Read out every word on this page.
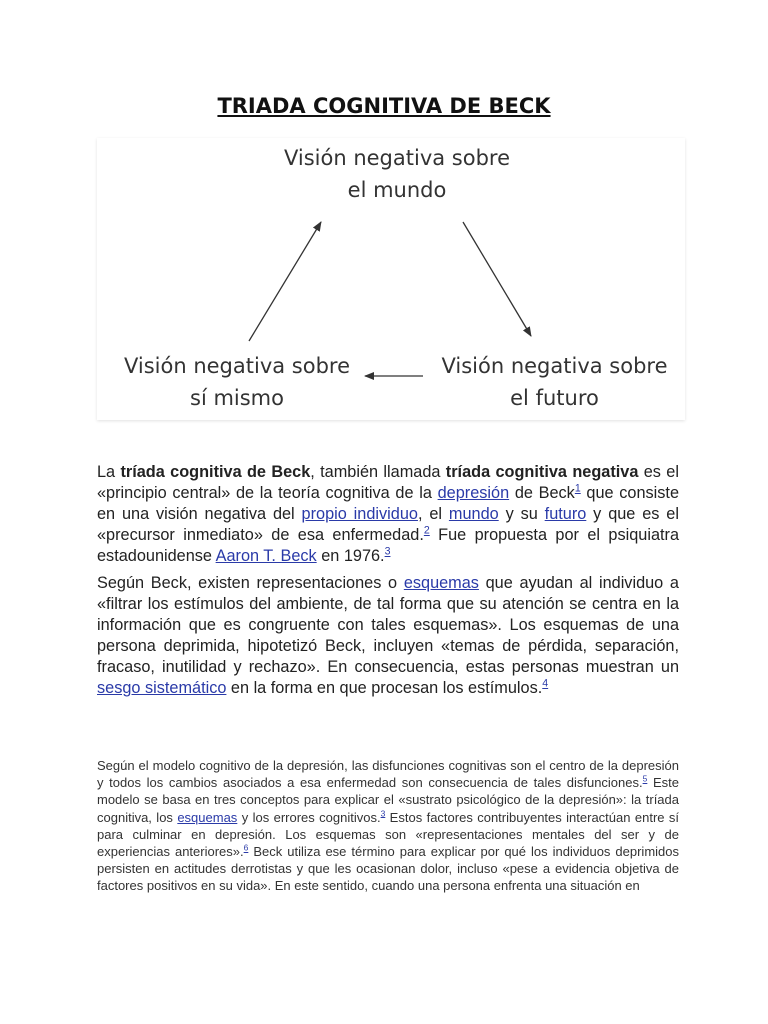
TRIADA COGNITIVA DE BECK
Visión negativa sobre
el mundo
Visión negativa sobre
sí mismo
Visión negativa sobre
el futuro

La tríada cognitiva de Beck, también llamada tríada cognitiva negativa es el «principio central» de la teoría cognitiva de la depresión de Beck$^1$ que consiste en una visión negativa del propio individuo, el mundo y su futuro y que es el «precursor inmediato» de esa enfermedad.$^2$ Fue propuesta por el psiquiatra estadounidense Aaron T. Beck en 1976.$^3$

Según Beck, existen representaciones o esquemas que ayudan al individuo a «filtrar los estímulos del ambiente, de tal forma que su atención se centra en la información que es congruente con tales esquemas». Los esquemas de una persona deprimida, hipotetizó Beck, incluyen «temas de pérdida, separación, fracaso, inutilidad y rechazo». En consecuencia, estas personas muestran un sesgo sistemático en la forma en que procesan los estímulos.$^4$

Según el modelo cognitivo de la depresión, las disfunciones cognitivas son el centro de la depresión y todos los cambios asociados a esa enfermedad son consecuencia de tales disfunciones.$^5$ Este modelo se basa en tres conceptos para explicar el «sustrato psicológico de la depresión»: la tríada cognitiva, los esquemas y los errores cognitivos.$^3$ Estos factores contribuyentes interactúan entre sí para culminar en depresión. Los esquemas son «representaciones mentales del ser y de experiencias anteriores».$^6$ Beck utiliza ese término para explicar por qué los individuos deprimidos persisten en actitudes derrotistas y que les ocasionan dolor, incluso «pese a evidencia objetiva de factores positivos en su vida». En este sentido, cuando una persona enfrenta una situación en
